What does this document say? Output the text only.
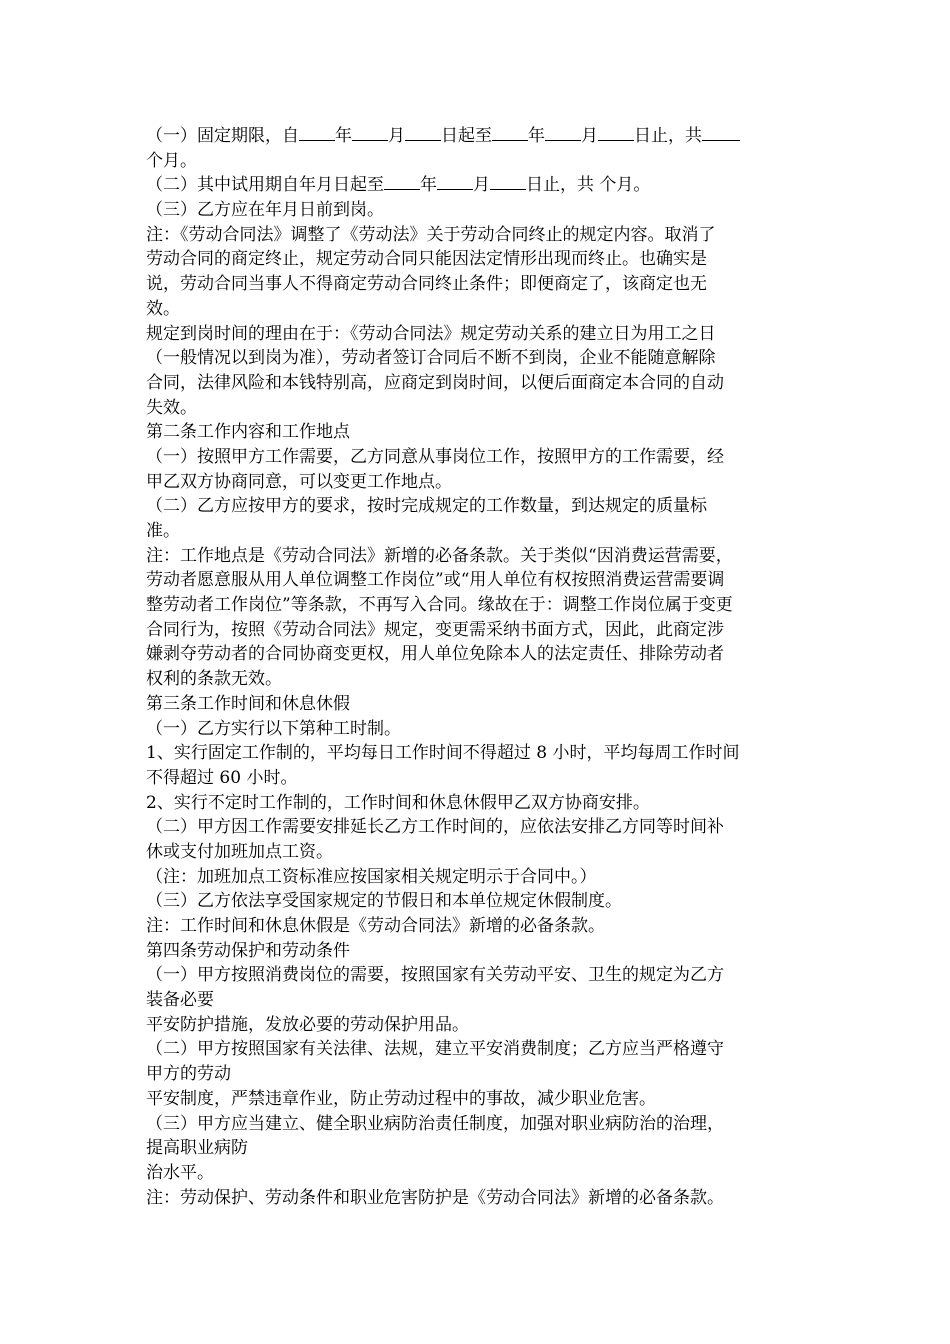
（一）固定期限，自 年 月 日起至 年 月 日止，共
个月。
（二）其中试用期自年月日起至 年 月 日止，共 个月。
（三）乙方应在年月日前到岗。
注：《劳动合同法》调整了《劳动法》关于劳动合同终止的规定内容。取消了
劳动合同的商定终止，规定劳动合同只能因法定情形出现而终止。也确实是
说，劳动合同当事人不得商定劳动合同终止条件；即便商定了，该商定也无
效。
规定到岗时间的理由在于：《劳动合同法》规定劳动关系的建立日为用工之日
（一般情况以到岗为准），劳动者签订合同后不断不到岗，企业不能随意解除
合同，法律风险和本钱特别高，应商定到岗时间，以便后面商定本合同的自动
失效。
第二条工作内容和工作地点
（一）按照甲方工作需要，乙方同意从事岗位工作，按照甲方的工作需要，经
甲乙双方协商同意，可以变更工作地点。
（二）乙方应按甲方的要求，按时完成规定的工作数量，到达规定的质量标
准。
注：工作地点是《劳动合同法》新增的必备条款。关于类似“因消费运营需要，
劳动者愿意服从用人单位调整工作岗位”或“用人单位有权按照消费运营需要调
整劳动者工作岗位”等条款，不再写入合同。缘故在于：调整工作岗位属于变更
合同行为，按照《劳动合同法》规定，变更需采纳书面方式，因此，此商定涉
嫌剥夺劳动者的合同协商变更权，用人单位免除本人的法定责任、排除劳动者
权利的条款无效。
第三条工作时间和休息休假
（一）乙方实行以下第种工时制。
1、实行固定工作制的，平均每日工作时间不得超过 8 小时，平均每周工作时间
不得超过 60 小时。
2、实行不定时工作制的，工作时间和休息休假甲乙双方协商安排。
（二）甲方因工作需要安排延长乙方工作时间的，应依法安排乙方同等时间补
休或支付加班加点工资。
（注：加班加点工资标准应按国家相关规定明示于合同中。）
（三）乙方依法享受国家规定的节假日和本单位规定休假制度。
注：工作时间和休息休假是《劳动合同法》新增的必备条款。
第四条劳动保护和劳动条件
（一）甲方按照消费岗位的需要，按照国家有关劳动平安、卫生的规定为乙方
装备必要
平安防护措施，发放必要的劳动保护用品。
（二）甲方按照国家有关法律、法规，建立平安消费制度；乙方应当严格遵守
甲方的劳动
平安制度，严禁违章作业，防止劳动过程中的事故，减少职业危害。
（三）甲方应当建立、健全职业病防治责任制度，加强对职业病防治的治理，
提高职业病防
治水平。
注：劳动保护、劳动条件和职业危害防护是《劳动合同法》新增的必备条款。
